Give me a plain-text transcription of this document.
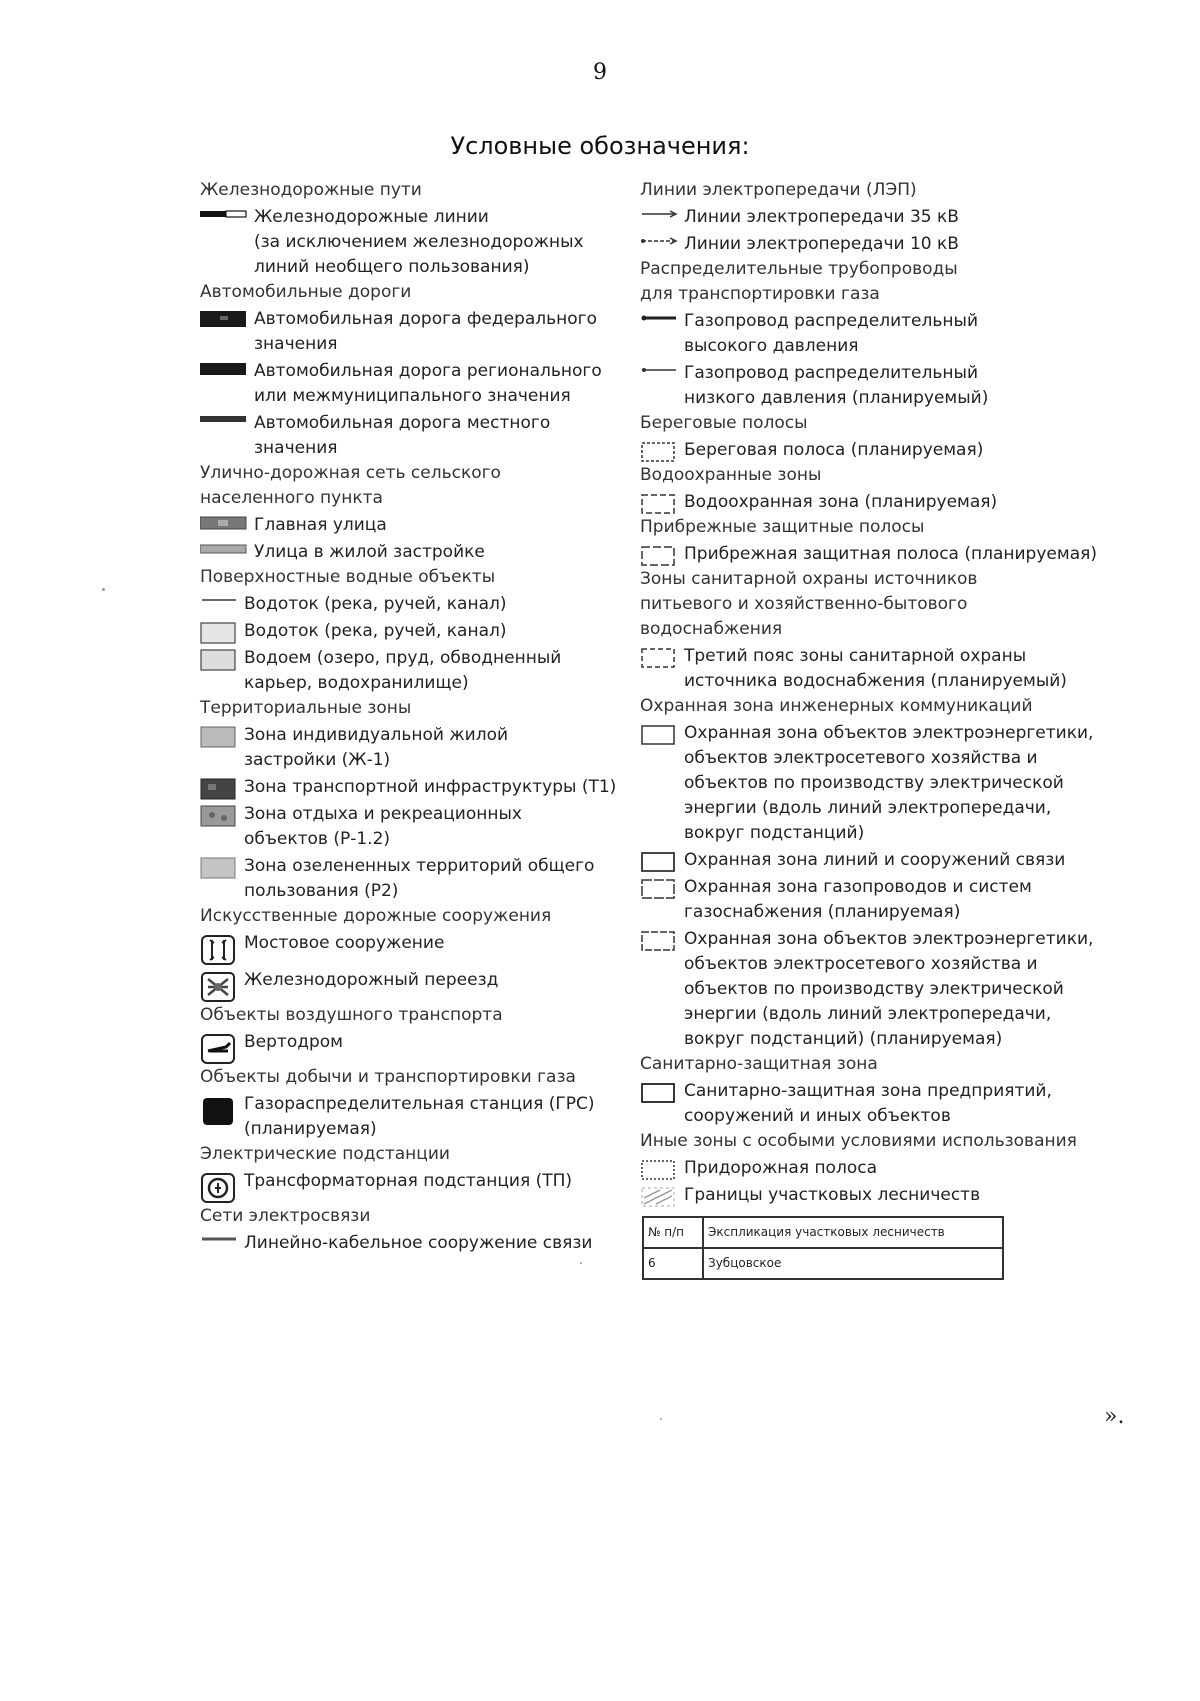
9
Условные обозначения:
Железнодорожные пути
Железнодорожные линии
(за исключением железнодорожных
линий необщего пользования)
Автомобильные дороги
Автомобильная дорога федерального
значения
Автомобильная дорога регионального
или межмуниципального значения
Автомобильная дорога местного
значения
Улично-дорожная сеть сельского
населенного пункта
Главная улица
Улица в жилой застройке
Поверхностные водные объекты
Водоток (река, ручей, канал)
Водоток (река, ручей, канал)
Водоем (озеро, пруд, обводненный
карьер, водохранилище)
Территориальные зоны
Зона индивидуальной жилой
застройки (Ж-1)
Зона транспортной инфраструктуры (Т1)
Зона отдыха и рекреационных
объектов (Р-1.2)
Зона озелененных территорий общего
пользования (Р2)
Искусственные дорожные сооружения
Мостовое сооружение
Железнодорожный переезд
Объекты воздушного транспорта
Вертодром
Объекты добычи и транспортировки газа
Газораспределительная станция (ГРС)
(планируемая)
Электрические подстанции
Трансформаторная подстанция (ТП)
Сети электросвязи
Линейно-кабельное сооружение связи
Линии электропередачи (ЛЭП)
Линии электропередачи 35 кВ
Линии электропередачи 10 кВ
Распределительные трубопроводы
для транспортировки газа
Газопровод распределительный
высокого давления
Газопровод распределительный
низкого давления (планируемый)
Береговые полосы
Береговая полоса (планируемая)
Водоохранные зоны
Водоохранная зона (планируемая)
Прибрежные защитные полосы
Прибрежная защитная полоса (планируемая)
Зоны санитарной охраны источников
питьевого и хозяйственно-бытового
водоснабжения
Третий пояс зоны санитарной охраны
источника водоснабжения (планируемый)
Охранная зона инженерных коммуникаций
Охранная зона объектов электроэнергетики,
объектов электросетевого хозяйства и
объектов по производству электрической
энергии (вдоль линий электропередачи,
вокруг подстанций)
Охранная зона линий и сооружений связи
Охранная зона газопроводов и систем
газоснабжения (планируемая)
Охранная зона объектов электроэнергетики,
объектов электросетевого хозяйства и
объектов по производству электрической
энергии (вдоль линий электропередачи,
вокруг подстанций) (планируемая)
Санитарно-защитная зона
Санитарно-защитная зона предприятий,
сооружений и иных объектов
Иные зоны с особыми условиями использования
Придорожная полоса
Границы участковых лесничеств
№ п/п	Экспликация участковых лесничеств
6	Зубцовское
».
